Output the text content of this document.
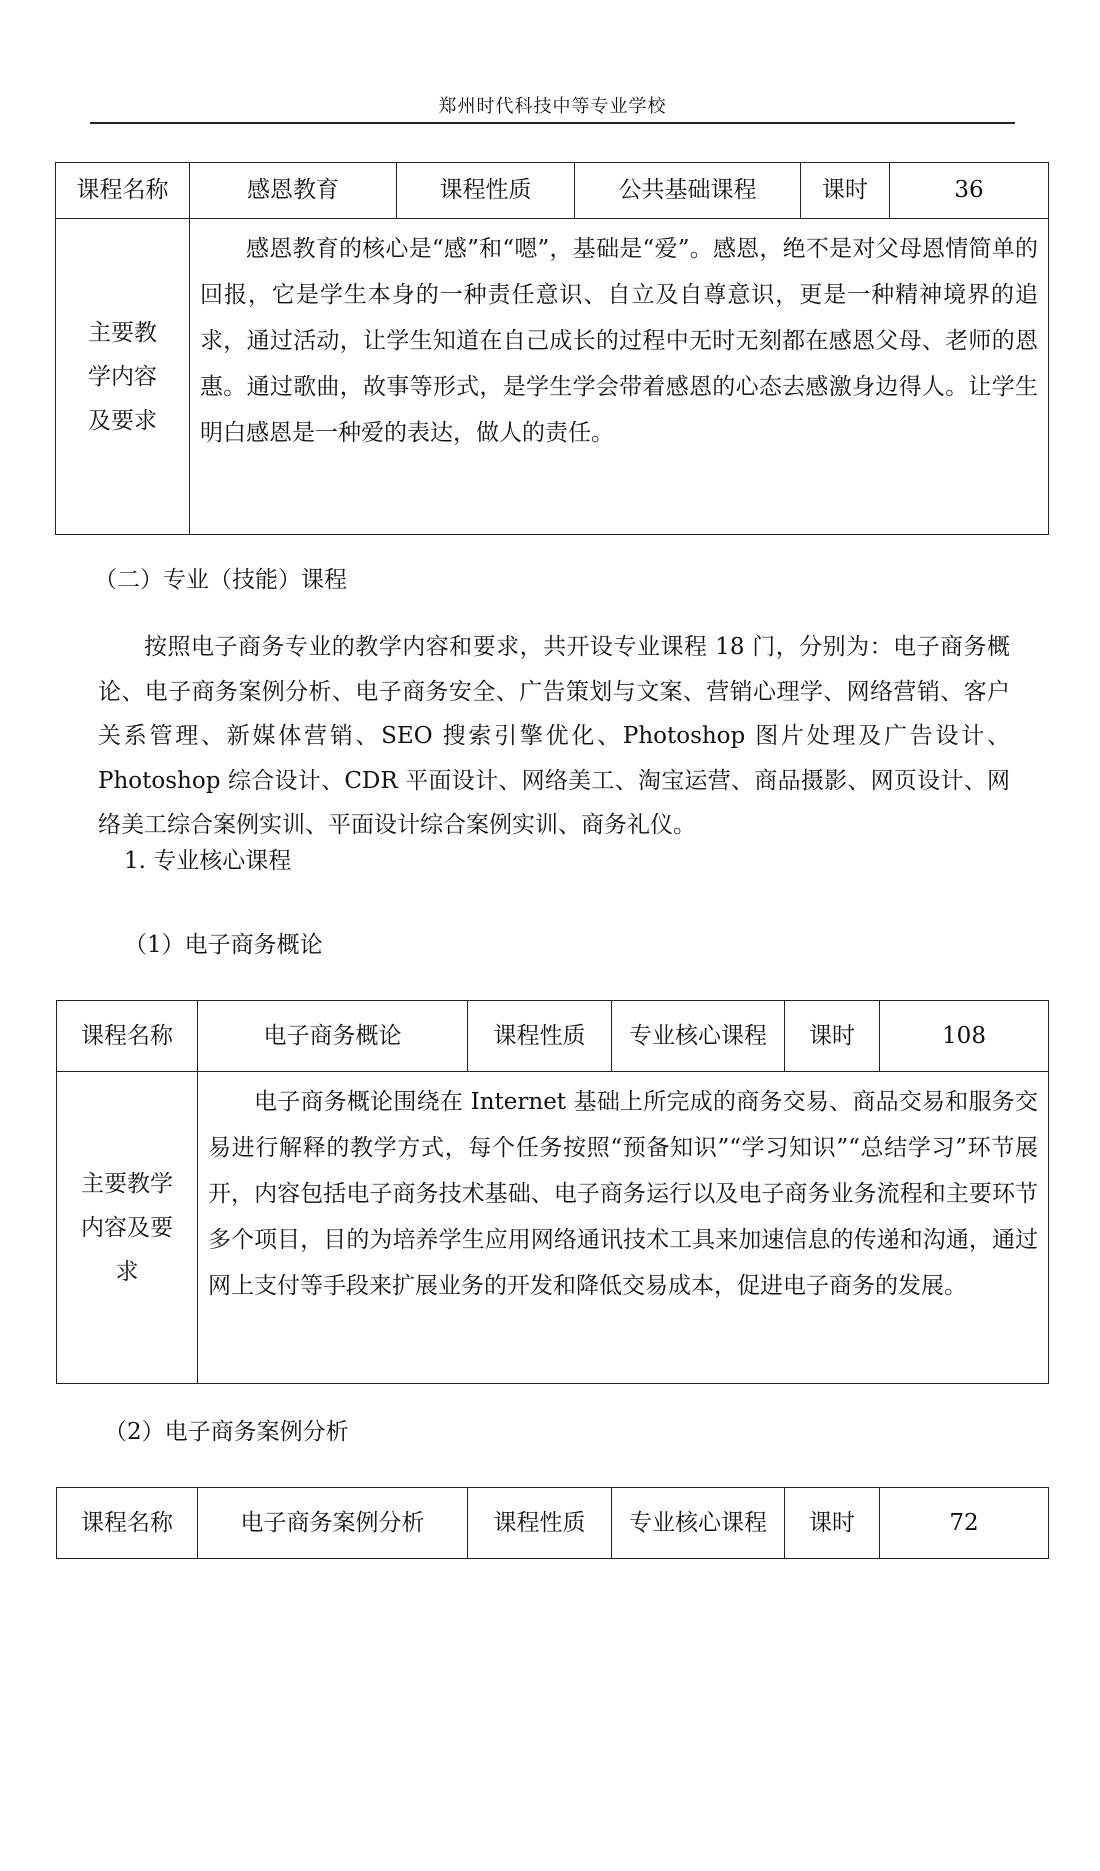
郑州时代科技中等专业学校
课程名称	感恩教育	课程性质	公共基础课程	课时	36
主要教学内容及要求	感恩教育的核心是“感”和“嗯”，基础是“爱”。感恩，绝不是对父母恩情简单的回报，它是学生本身的一种责任意识、自立及自尊意识，更是一种精神境界的追求，通过活动，让学生知道在自己成长的过程中无时无刻都在感恩父母、老师的恩惠。通过歌曲，故事等形式，是学生学会带着感恩的心态去感激身边得人。让学生明白感恩是一种爱的表达，做人的责任。				
（二）专业（技能）课程
按照电子商务专业的教学内容和要求，共开设专业课程 18 门，分别为：电子商务概论、电子商务案例分析、电子商务安全、广告策划与文案、营销心理学、网络营销、客户关系管理、新媒体营销、SEO 搜索引擎优化、Photoshop 图片处理及广告设计、Photoshop 综合设计、CDR 平面设计、网络美工、淘宝运营、商品摄影、网页设计、网络美工综合案例实训、平面设计综合案例实训、商务礼仪。
1. 专业核心课程
（1）电子商务概论
课程名称	电子商务概论	课程性质	专业核心课程	课时	108
主要教学内容及要求	电子商务概论围绕在 Internet 基础上所完成的商务交易、商品交易和服务交易进行解释的教学方式，每个任务按照“预备知识”“学习知识”“总结学习”环节展开，内容包括电子商务技术基础、电子商务运行以及电子商务业务流程和主要环节多个项目，目的为培养学生应用网络通讯技术工具来加速信息的传递和沟通，通过网上支付等手段来扩展业务的开发和降低交易成本，促进电子商务的发展。				
（2）电子商务案例分析
课程名称	电子商务案例分析	课程性质	专业核心课程	课时	72
